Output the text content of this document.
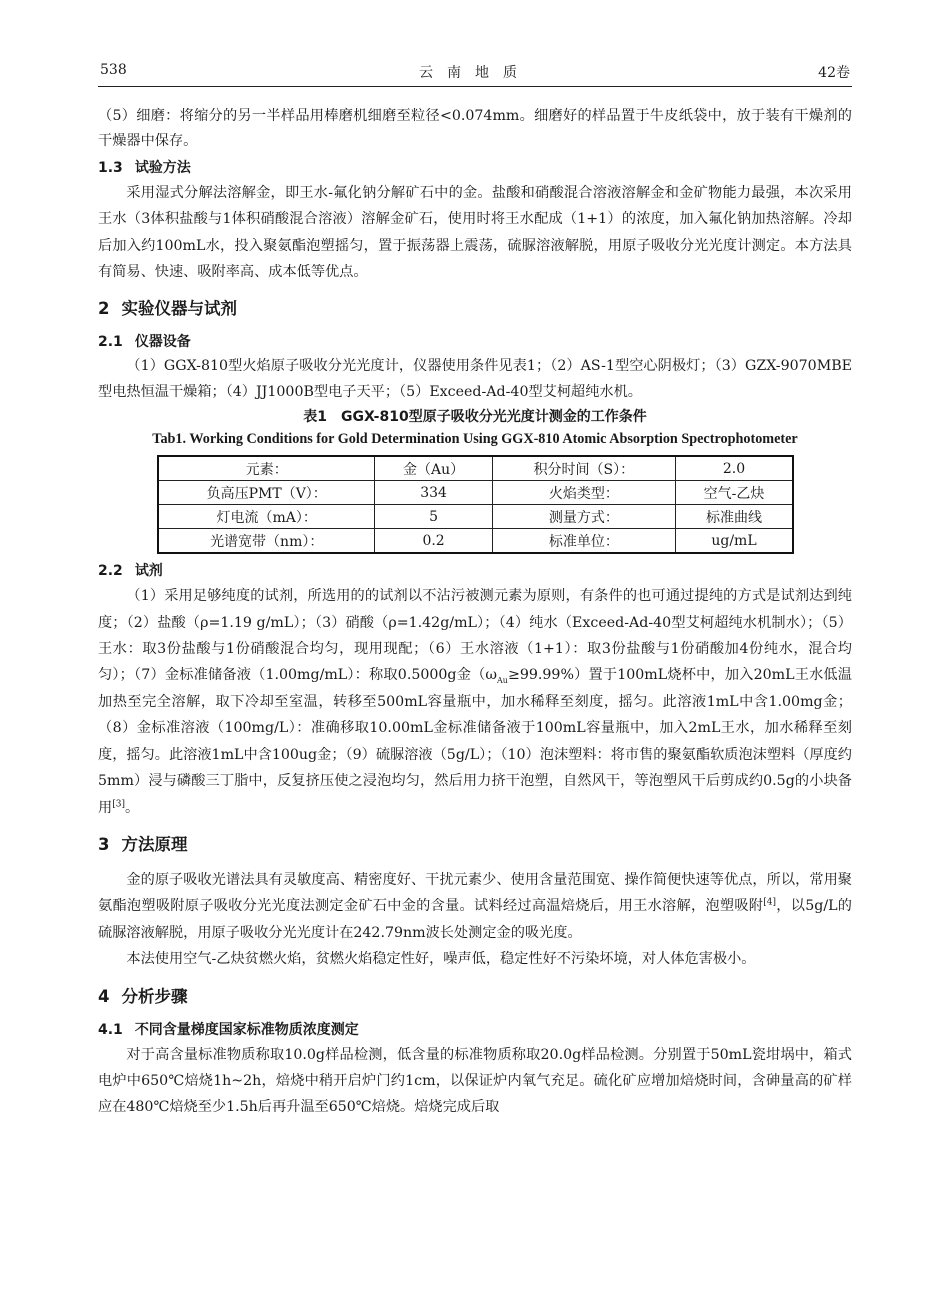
538	云南地质	42卷

（5）细磨：将缩分的另一半样品用棒磨机细磨至粒径<0.074mm。细磨好的样品置于牛皮纸袋中，放于装有干燥剂的干燥器中保存。

1.3 试验方法

采用湿式分解法溶解金，即王水-氟化钠分解矿石中的金。盐酸和硝酸混合溶液溶解金和金矿物能力最强，本次采用王水（3体积盐酸与1体积硝酸混合溶液）溶解金矿石，使用时将王水配成（1+1）的浓度，加入氟化钠加热溶解。冷却后加入约100mL水，投入聚氨酯泡塑摇匀，置于振荡器上震荡，硫脲溶液解脱，用原子吸收分光光度计测定。本方法具有简易、快速、吸附率高、成本低等优点。

2 实验仪器与试剂
2.1 仪器设备

（1）GGX-810型火焰原子吸收分光光度计，仪器使用条件见表1；（2）AS-1型空心阴极灯；（3）GZX-9070MBE型电热恒温干燥箱；（4）JJ1000B型电子天平；（5）Exceed-Ad-40型艾柯超纯水机。

表1　GGX-810型原子吸收分光光度计测金的工作条件
Tab1. Working Conditions for Gold Determination Using GGX-810 Atomic Absorption Spectrophotometer
元素：	金（Au）	积分时间（S）：	2.0
负高压PMT（V）：	334	火焰类型：	空气-乙炔
灯电流（mA）：	5	测量方式：	标准曲线
光谱宽带（nm）：	0.2	标准单位：	ug/mL
2.2 试剂

（1）采用足够纯度的试剂，所选用的的试剂以不沾污被测元素为原则，有条件的也可通过提纯的方式是试剂达到纯度；（2）盐酸（ρ=1.19 g/mL）；（3）硝酸（ρ=1.42g/mL）；（4）纯水（Exceed-Ad-40型艾柯超纯水机制水）；（5）王水：取3份盐酸与1份硝酸混合均匀，现用现配；（6）王水溶液（1+1）：取3份盐酸与1份硝酸加4份纯水，混合均匀）；（7）金标准储备液（1.00mg/mL）：称取0.5000g金$(\omega_{Au}\ge 99.99\%)$置于100mL烧杯中，加入20mL王水低温加热至完全溶解，取下冷却至室温，转移至500mL容量瓶中，加水稀释至刻度，摇匀。此溶液1mL中含1.00mg金；（8）金标准溶液（100mg/L）：准确移取10.00mL金标准储备液于100mL容量瓶中，加入2mL王水，加水稀释至刻度，摇匀。此溶液1mL中含100ug金；（9）硫脲溶液（5g/L）；（10）泡沫塑料：将市售的聚氨酯软质泡沫塑料（厚度约5mm）浸与磷酸三丁脂中，反复挤压使之浸泡均匀，然后用力挤干泡塑，自然风干，等泡塑风干后剪成约0.5g的小块备用[3]。

3 方法原理

金的原子吸收光谱法具有灵敏度高、精密度好、干扰元素少、使用含量范围宽、操作简便快速等优点，所以，常用聚氨酯泡塑吸附原子吸收分光光度法测定金矿石中金的含量。试料经过高温焙烧后，用王水溶解，泡塑吸附[4]，以5g/L的硫脲溶液解脱，用原子吸收分光光度计在242.79nm波长处测定金的吸光度。

本法使用空气-乙炔贫燃火焰，贫燃火焰稳定性好，噪声低，稳定性好不污染坏境，对人体危害极小。

4 分析步骤
4.1 不同含量梯度国家标准物质浓度测定

对于高含量标准物质称取10.0g样品检测，低含量的标准物质称取20.0g样品检测。分别置于50mL瓷坩埚中，箱式电炉中650℃焙烧1h~2h，焙烧中稍开启炉门约1cm，以保证炉内氧气充足。硫化矿应增加焙烧时间，含砷量高的矿样应在480℃焙烧至少1.5h后再升温至650℃焙烧。焙烧完成后取
